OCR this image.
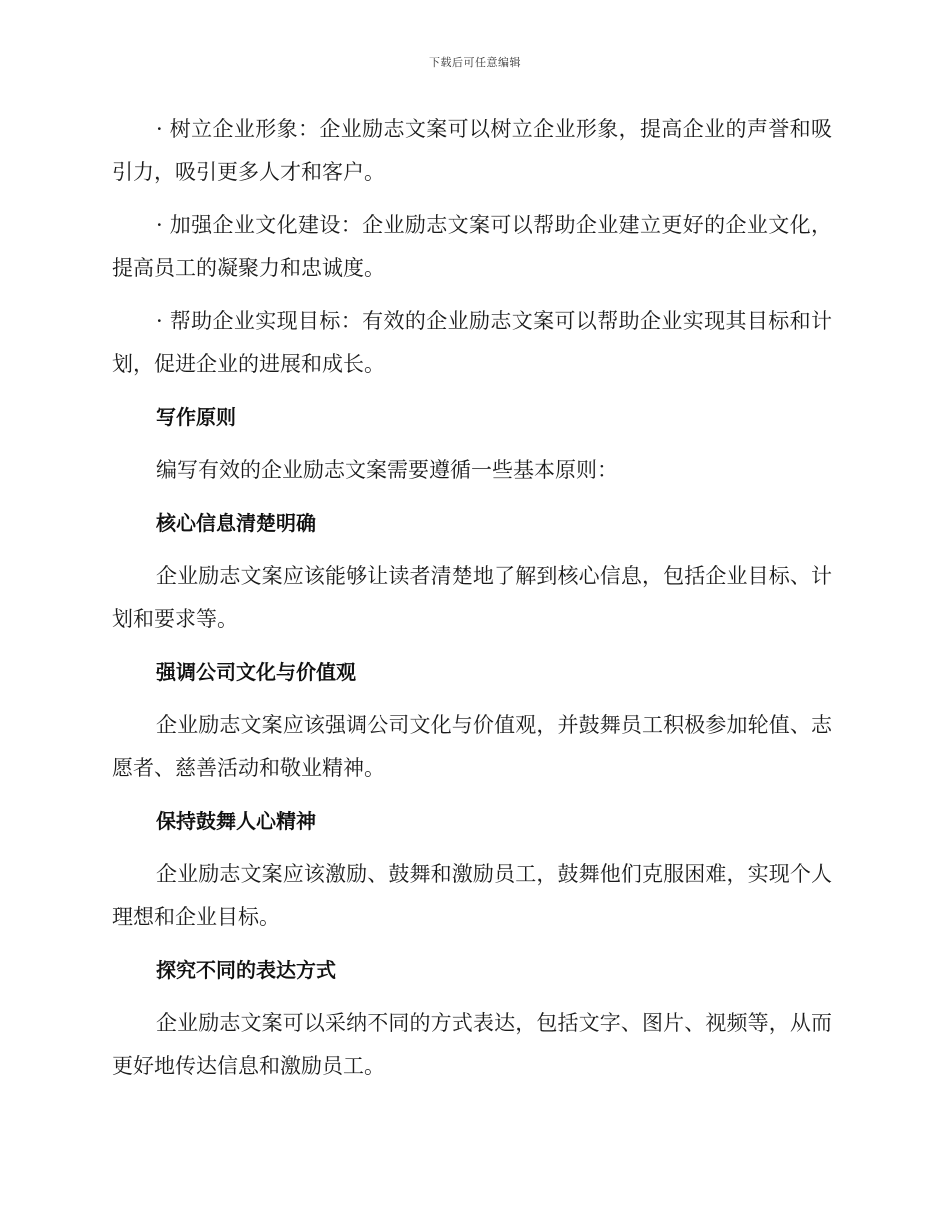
下载后可任意编辑

· 树立企业形象：企业励志文案可以树立企业形象，提高企业的声誉和吸引力，吸引更多人才和客户。

· 加强企业文化建设：企业励志文案可以帮助企业建立更好的企业文化，提高员工的凝聚力和忠诚度。

· 帮助企业实现目标：有效的企业励志文案可以帮助企业实现其目标和计划，促进企业的进展和成长。

写作原则

编写有效的企业励志文案需要遵循一些基本原则：

核心信息清楚明确

企业励志文案应该能够让读者清楚地了解到核心信息，包括企业目标、计划和要求等。

强调公司文化与价值观

企业励志文案应该强调公司文化与价值观，并鼓舞员工积极参加轮值、志愿者、慈善活动和敬业精神。

保持鼓舞人心精神

企业励志文案应该激励、鼓舞和激励员工，鼓舞他们克服困难，实现个人理想和企业目标。

探究不同的表达方式

企业励志文案可以采纳不同的方式表达，包括文字、图片、视频等，从而更好地传达信息和激励员工。
